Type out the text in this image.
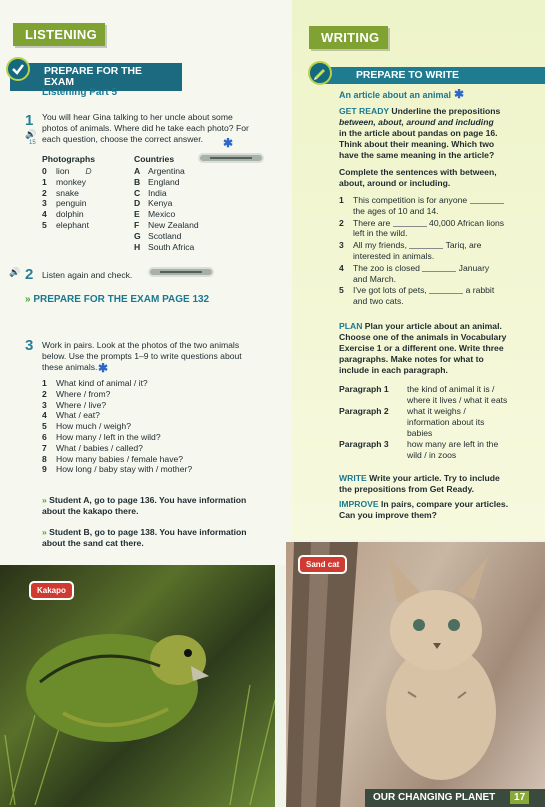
LISTENING
PREPARE FOR THE EXAM
Listening Part 5
1
🔊
15
You will hear Gina talking to her uncle about some
photos of animals. Where did he take each photo? For
each question, choose the correct answer.	✱
Photographs
0	lion D
1	monkey
2	snake
3	penguin
4	dolphin
5	elephant
Countries
A Argentina
B England
C India
D Kenya
E Mexico
F	New Zealand
G Scotland
H South Africa
🔊 2 Listen again and check.
» PREPARE FOR THE EXAM PAGE 132
3 Work in pairs. Look at the photos of the two animals
below. Use the prompts 1–9 to write questions about
these animals. ✱
1	What kind of animal / it?
2	Where / from?
3	Where / live?
4	What / eat?
5	How much / weigh?
6	How many / left in the wild?
7	What / babies / called?
8	How many babies / female have?
9	How long / baby stay with / mother?
» Student A, go to page 136. You have information
about the kakapo there.
» Student B, go to page 138. You have information
about the sand cat there.
WRITING
PREPARE TO WRITE
An article about an animal ✱
GET READY Underline the prepositions
between, about, around and including
in the article about pandas on page 16.
Think about their meaning. Which two
have the same meaning in the article?
Complete the sentences with between,
about, around or including.
1	This competition is for anyone
the ages of 10 and 14.
2	There are	40,000 African lions
left in the wild.
3	All my friends,	Tariq, are
interested in animals.
4	The zoo is closed	January
and March.
5	I've got lots of pets,	a rabbit
and two cats.
PLAN Plan your article about an animal.
Choose one of the animals in Vocabulary
Exercise 1 or a different one. Write three
paragraphs. Make notes for what to
include in each paragraph.
Paragraph 1	the kind of animal it is /
where it lives / what it eats
Paragraph 2	what it weighs /
information about its
babies
Paragraph 3	how many are left in the
wild / in zoos
WRITE Write your article. Try to include
the prepositions from Get Ready.
IMPROVE In pairs, compare your articles.
Can you improve them?
Kakapo
Sand cat
OUR CHANGING PLANET 17
